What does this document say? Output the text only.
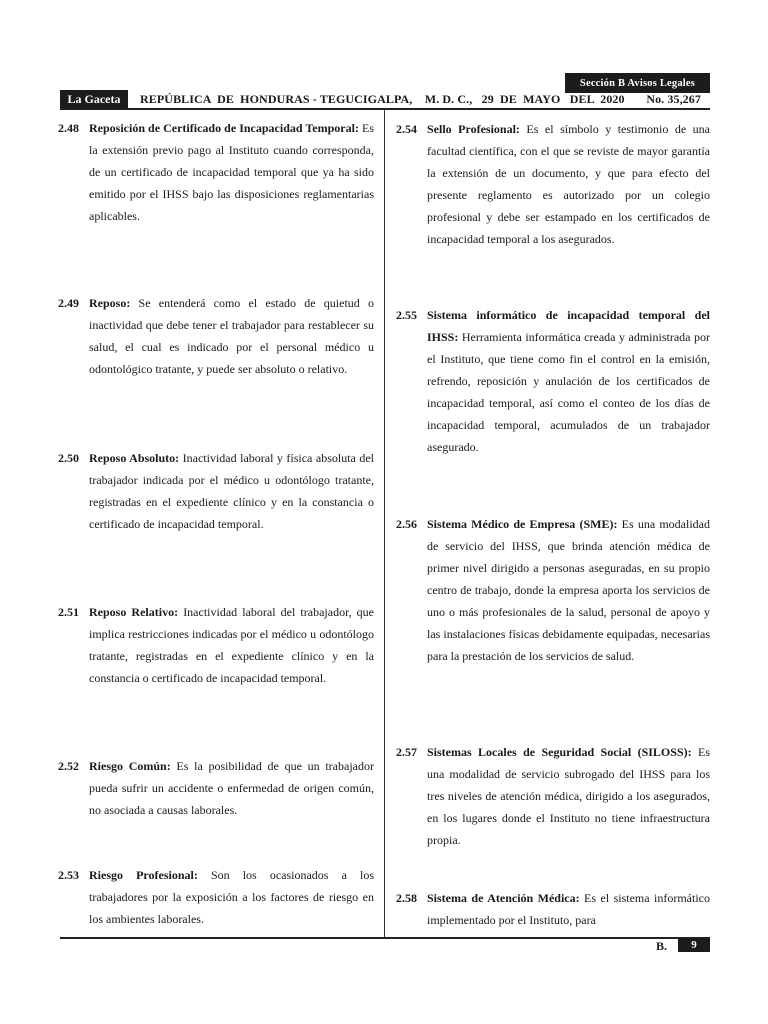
Sección B Avisos Legales
La Gaceta	REPÚBLICA  DE  HONDURAS - TEGUCIGALPA,    M. D. C.,   29  DE  MAYO   DEL  2020       No. 35,267
2.48 Reposición de Certificado de Incapacidad Temporal: Es la extensión previo pago al Instituto cuando corresponda, de un certificado de incapacidad temporal que ya ha sido emitido por el IHSS bajo las disposiciones reglamentarias aplicables.
2.49 Reposo: Se entenderá como el estado de quietud o inactividad que debe tener el trabajador para restablecer su salud, el cual es indicado por el personal médico u odontológico tratante, y puede ser absoluto o relativo.
2.50 Reposo Absoluto: Inactividad laboral y física absoluta del trabajador indicada por el médico u odontólogo tratante, registradas en el expediente clínico y en la constancia o certificado de incapacidad temporal.
2.51 Reposo Relativo: Inactividad laboral del trabajador, que implica restricciones indicadas por el médico u odontólogo tratante, registradas en el expediente clínico y en la constancia o certificado de incapacidad temporal.
2.52 Riesgo Común: Es la posibilidad de que un trabajador pueda sufrir un accidente o enfermedad de origen común, no asociada a causas laborales.
2.53 Riesgo Profesional: Son los ocasionados a los trabajadores por la exposición a los factores de riesgo en los ambientes laborales.
2.54 Sello Profesional: Es el símbolo y testimonio de una facultad científica, con el que se reviste de mayor garantía la extensión de un documento, y que para efecto del presente reglamento es autorizado por un colegio profesional y debe ser estampado en los certificados de incapacidad temporal a los asegurados.
2.55 Sistema informático de incapacidad temporal del IHSS: Herramienta informática creada y administrada por el Instituto, que tiene como fin el control en la emisión, refrendo, reposición y anulación de los certificados de incapacidad temporal, así como el conteo de los días de incapacidad temporal, acumulados de un trabajador asegurado.
2.56 Sistema Médico de Empresa (SME): Es una modalidad de servicio del IHSS, que brinda atención médica de primer nivel dirigido a personas aseguradas, en su propio centro de trabajo, donde la empresa aporta los servicios de uno o más profesionales de la salud, personal de apoyo y las instalaciones físicas debidamente equipadas, necesarias para la prestación de los servicios de salud.
2.57 Sistemas Locales de Seguridad Social (SILOSS): Es una modalidad de servicio subrogado del IHSS para los tres niveles de atención médica, dirigido a los asegurados, en los lugares donde el Instituto no tiene infraestructura propia.
2.58 Sistema de Atención Médica: Es el sistema informático implementado por el Instituto, para
B.	9
